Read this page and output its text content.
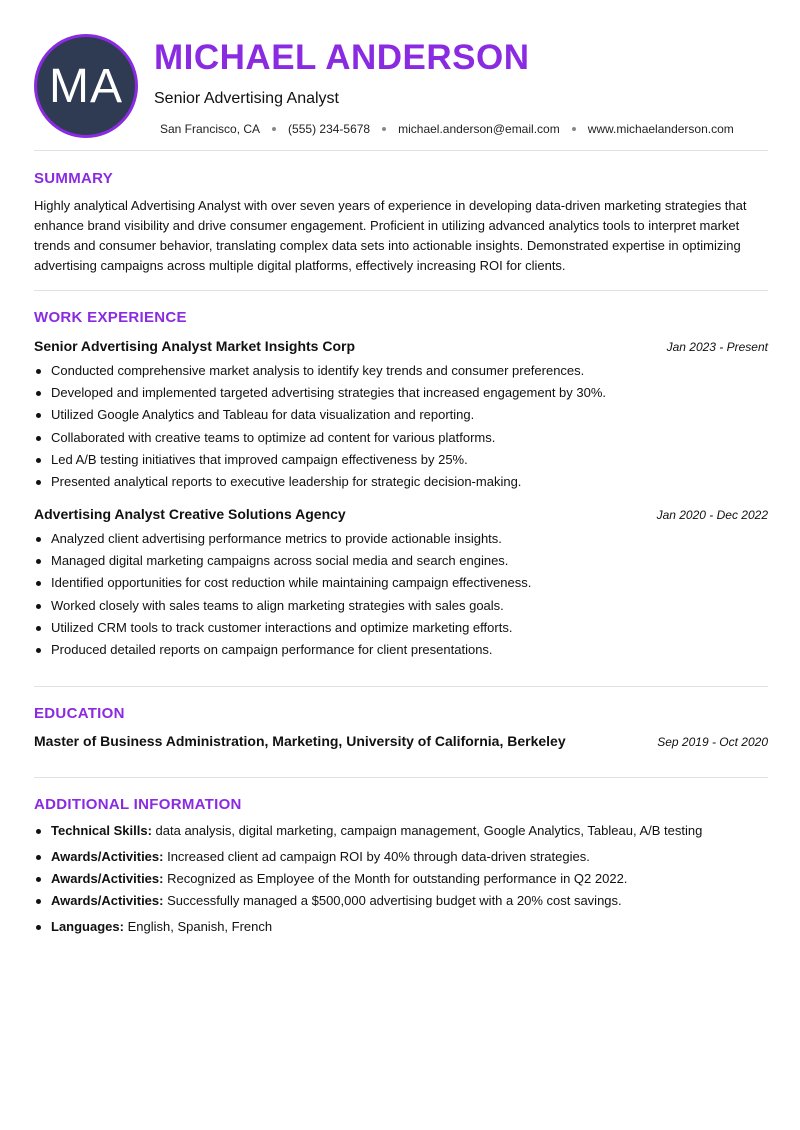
MA
MICHAEL ANDERSON
Senior Advertising Analyst
San Francisco, CA (555) 234-5678 michael.anderson@email.com www.michaelanderson.com
SUMMARY

Highly analytical Advertising Analyst with over seven years of experience in developing data-driven marketing strategies that enhance brand visibility and drive consumer engagement. Proficient in utilizing advanced analytics tools to interpret market trends and consumer behavior, translating complex data sets into actionable insights. Demonstrated expertise in optimizing advertising campaigns across multiple digital platforms, effectively increasing ROI for clients.

WORK EXPERIENCE
Senior Advertising Analyst Market Insights Corp	Jan 2023 - Present
Conducted comprehensive market analysis to identify key trends and consumer preferences.
Developed and implemented targeted advertising strategies that increased engagement by 30%.
Utilized Google Analytics and Tableau for data visualization and reporting.
Collaborated with creative teams to optimize ad content for various platforms.
Led A/B testing initiatives that improved campaign effectiveness by 25%.
Presented analytical reports to executive leadership for strategic decision-making.
Advertising Analyst Creative Solutions Agency	Jan 2020 - Dec 2022
Analyzed client advertising performance metrics to provide actionable insights.
Managed digital marketing campaigns across social media and search engines.
Identified opportunities for cost reduction while maintaining campaign effectiveness.
Worked closely with sales teams to align marketing strategies with sales goals.
Utilized CRM tools to track customer interactions and optimize marketing efforts.
Produced detailed reports on campaign performance for client presentations.
EDUCATION
Master of Business Administration, Marketing, University of California, Berkeley	Sep 2019 - Oct 2020
ADDITIONAL INFORMATION
Technical Skills: data analysis, digital marketing, campaign management, Google Analytics, Tableau, A/B testing
Awards/Activities: Increased client ad campaign ROI by 40% through data-driven strategies.
Awards/Activities: Recognized as Employee of the Month for outstanding performance in Q2 2022.
Awards/Activities: Successfully managed a $500,000 advertising budget with a 20% cost savings.
Languages: English, Spanish, French
